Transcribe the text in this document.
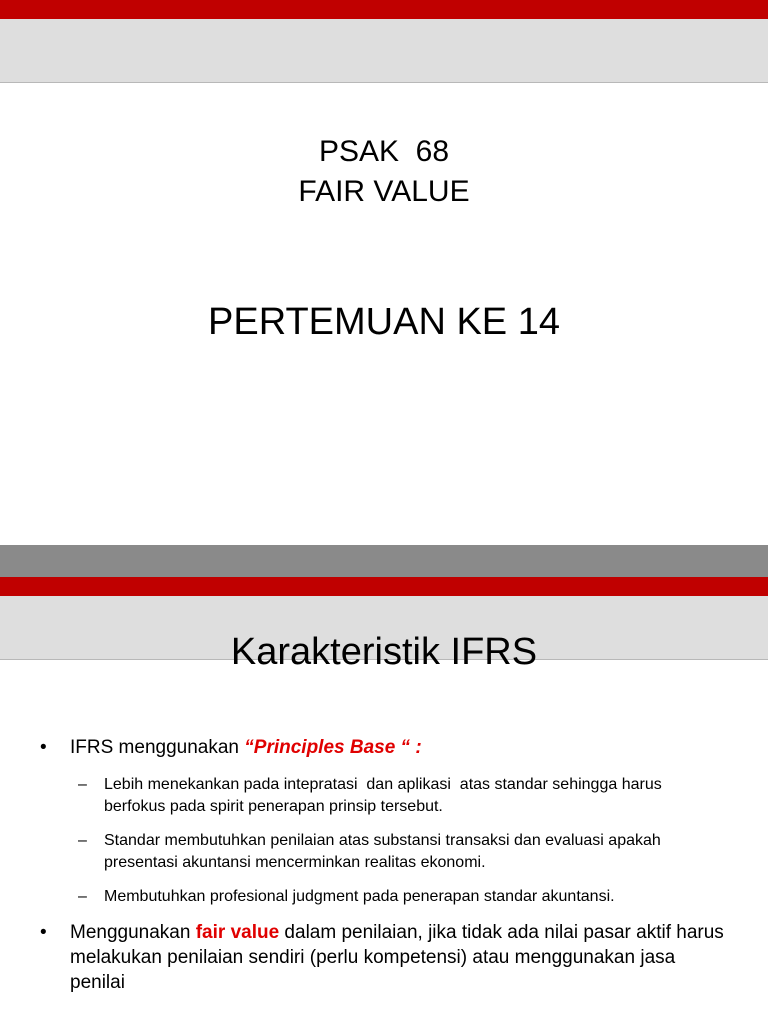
PSAK  68
FAIR VALUE
PERTEMUAN KE 14
Karakteristik IFRS
• IFRS menggunakan “Principles Base “ :
– Lebih menekankan pada intepratasi  dan aplikasi  atas standar sehingga harus berfokus pada spirit penerapan prinsip tersebut.
– Standar membutuhkan penilaian atas substansi transaksi dan evaluasi apakah presentasi akuntansi mencerminkan realitas ekonomi.
– Membutuhkan profesional judgment pada penerapan standar akuntansi.
• Menggunakan fair value dalam penilaian, jika tidak ada nilai pasar aktif harus melakukan penilaian sendiri (perlu kompetensi) atau menggunakan jasa penilai
